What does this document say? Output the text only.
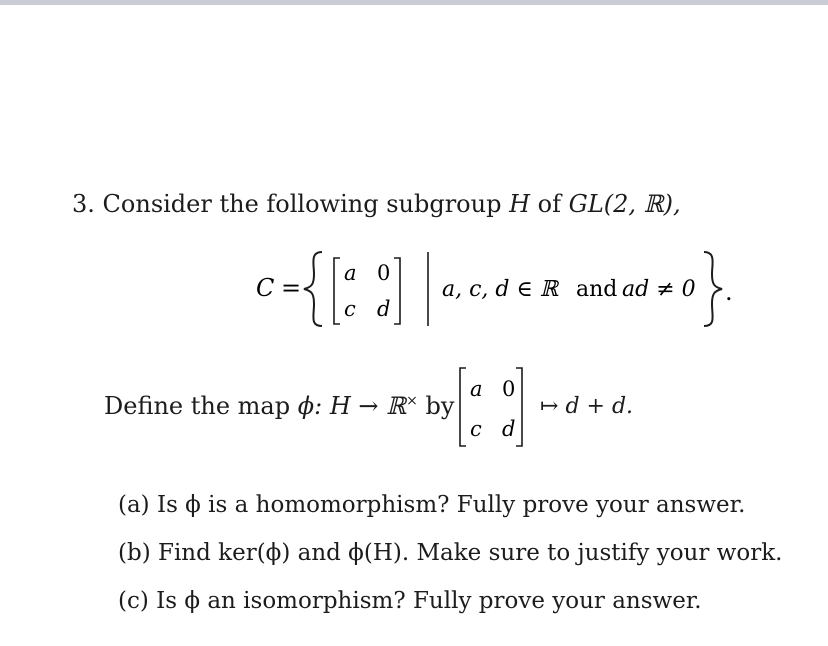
3. Consider the following subgroup H of GL(2, ℝ),
C =
a 0
c d
a, c, d ∈ ℝ and ad ≠ 0 .
Define the map ϕ: H → ℝ× by
a 0
c d
↦ d + d.
(a) Is ϕ is a homomorphism? Fully prove your answer.
(b) Find ker(ϕ) and ϕ(H). Make sure to justify your work.
(c) Is ϕ an isomorphism? Fully prove your answer.
